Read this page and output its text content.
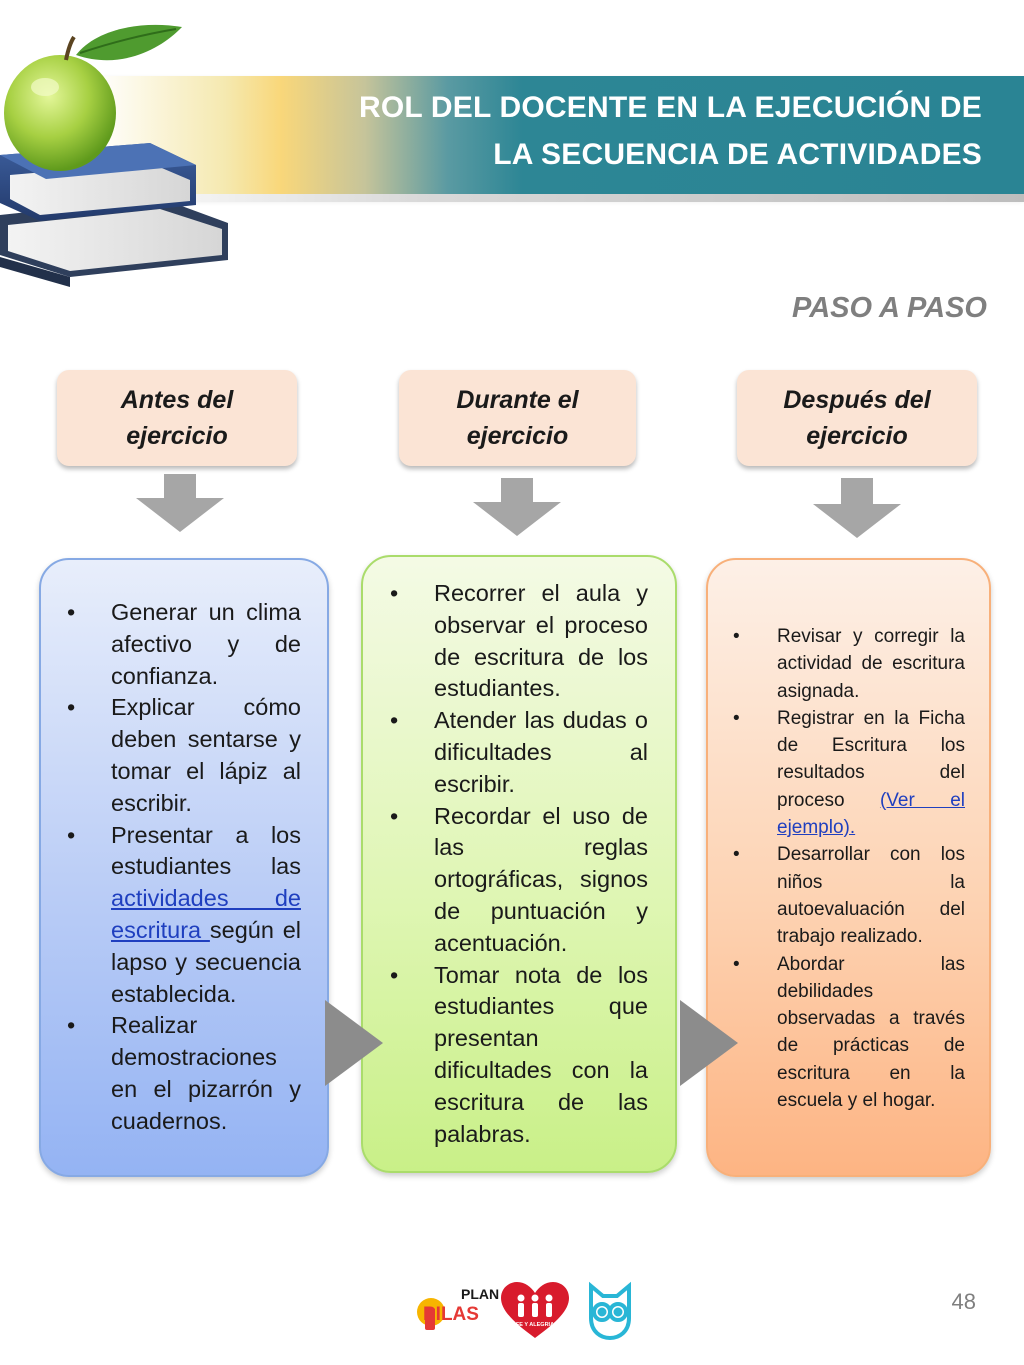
ROL DEL DOCENTE EN LA EJECUCIÓN DE
LA SECUENCIA DE ACTIVIDADES
PASO A PASO
Antes del
ejercicio
Durante el
ejercicio
Después del
ejercicio
• Generar un clima afectivo y de confianza.
• Explicar cómo deben sentarse y tomar el lápiz al escribir.
• Presentar a los estudiantes las actividades de escritura según el lapso y secuencia establecida.
• Realizar demostraciones en el pizarrón y cuadernos.
• Recorrer el aula y observar el proceso de escritura de los estudiantes.
• Atender las dudas o dificultades al escribir.
• Recordar el uso de las reglas ortográficas, signos de puntuación y acentuación.
• Tomar nota de los estudiantes que presentan dificultades con la escritura de las palabras.
• Revisar y corregir la actividad de escritura asignada.
• Registrar en la Ficha de Escritura los resultados del proceso (Ver el ejemplo).
• Desarrollar con los niños la autoevaluación del trabajo realizado.
• Abordar las debilidades observadas a través de prácticas de escritura en la escuela y el hogar.
PLAN
PILAS	FE Y ALEGRIA
48
